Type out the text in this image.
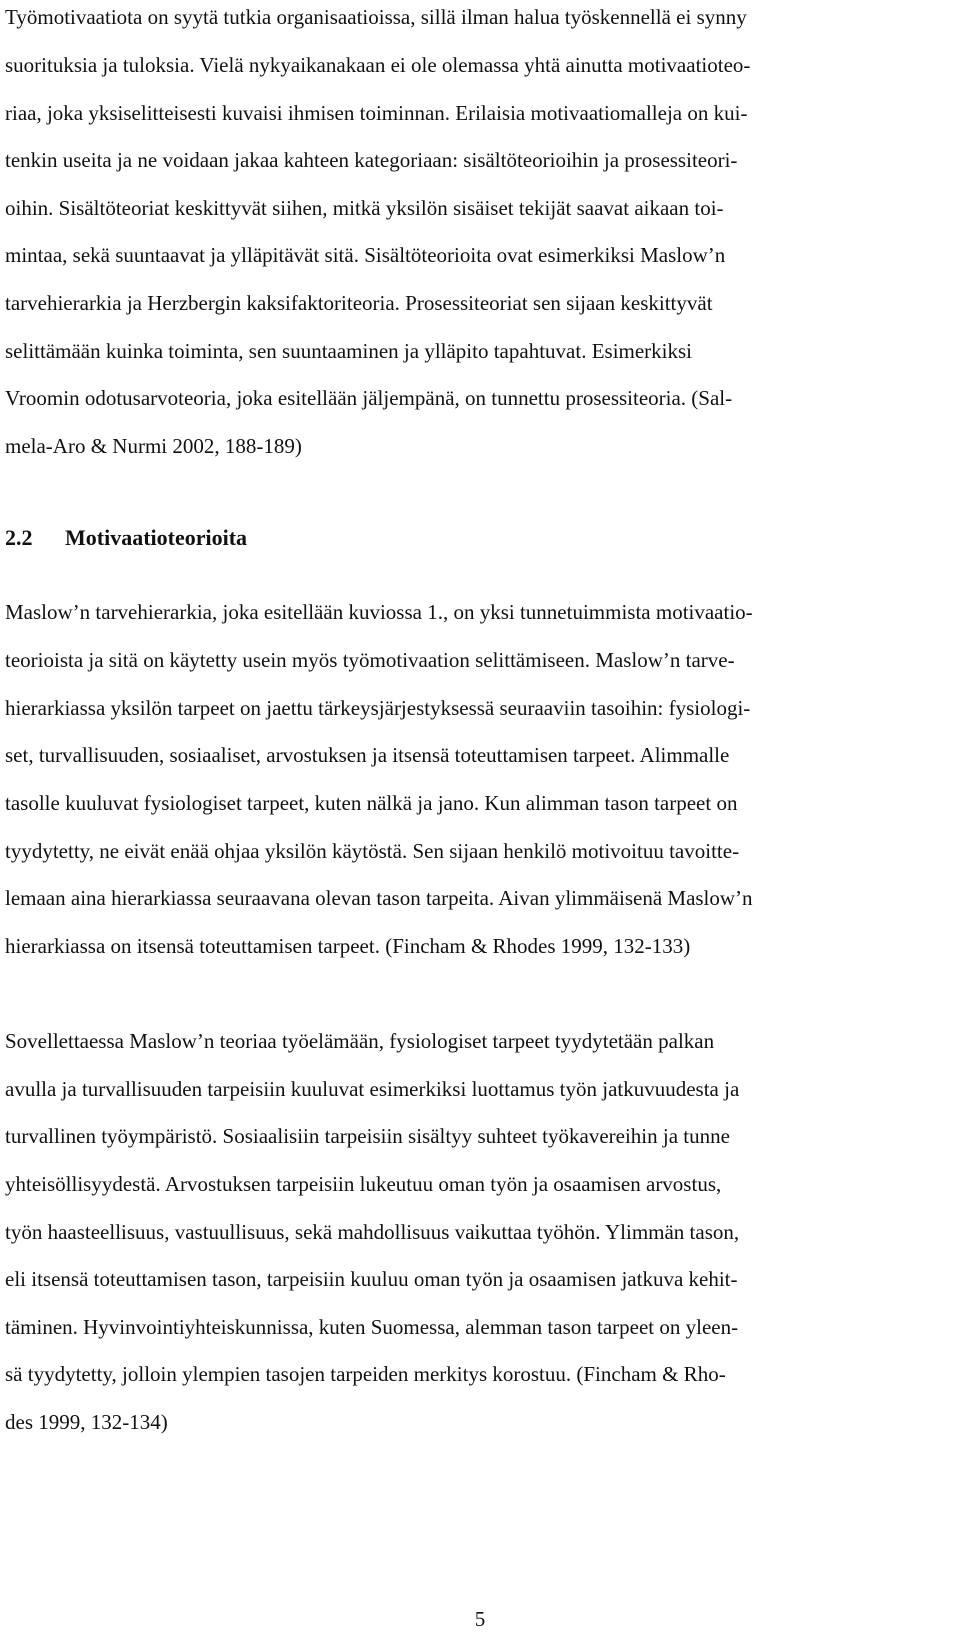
Työmotivaatiota on syytä tutkia organisaatioissa, sillä ilman halua työskennellä ei synny

suorituksia ja tuloksia. Vielä nykyaikanakaan ei ole olemassa yhtä ainutta motivaatioteo-

riaa, joka yksiselitteisesti kuvaisi ihmisen toiminnan. Erilaisia motivaatiomalleja on kui-

tenkin useita ja ne voidaan jakaa kahteen kategoriaan: sisältöteorioihin ja prosessiteori-

oihin. Sisältöteoriat keskittyvät siihen, mitkä yksilön sisäiset tekijät saavat aikaan toi-

mintaa, sekä suuntaavat ja ylläpitävät sitä. Sisältöteorioita ovat esimerkiksi Maslow’n

tarvehierarkia ja Herzbergin kaksifaktoriteoria. Prosessiteoriat sen sijaan keskittyvät

selittämään kuinka toiminta, sen suuntaaminen ja ylläpito tapahtuvat. Esimerkiksi

Vroomin odotusarvoteoria, joka esitellään jäljempänä, on tunnettu prosessiteoria. (Sal-

mela-Aro & Nurmi 2002, 188-189)

2.2 Motivaatioteorioita

Maslow’n tarvehierarkia, joka esitellään kuviossa 1., on yksi tunnetuimmista motivaatio-

teorioista ja sitä on käytetty usein myös työmotivaation selittämiseen. Maslow’n tarve-

hierarkiassa yksilön tarpeet on jaettu tärkeysjärjestyksessä seuraaviin tasoihin: fysiologi-

set, turvallisuuden, sosiaaliset, arvostuksen ja itsensä toteuttamisen tarpeet. Alimmalle

tasolle kuuluvat fysiologiset tarpeet, kuten nälkä ja jano. Kun alimman tason tarpeet on

tyydytetty, ne eivät enää ohjaa yksilön käytöstä. Sen sijaan henkilö motivoituu tavoitte-

lemaan aina hierarkiassa seuraavana olevan tason tarpeita. Aivan ylimmäisenä Maslow’n

hierarkiassa on itsensä toteuttamisen tarpeet. (Fincham & Rhodes 1999, 132-133)

Sovellettaessa Maslow’n teoriaa työelämään, fysiologiset tarpeet tyydytetään palkan

avulla ja turvallisuuden tarpeisiin kuuluvat esimerkiksi luottamus työn jatkuvuudesta ja

turvallinen työympäristö. Sosiaalisiin tarpeisiin sisältyy suhteet työkavereihin ja tunne

yhteisöllisyydestä. Arvostuksen tarpeisiin lukeutuu oman työn ja osaamisen arvostus,

työn haasteellisuus, vastuullisuus, sekä mahdollisuus vaikuttaa työhön. Ylimmän tason,

eli itsensä toteuttamisen tason, tarpeisiin kuuluu oman työn ja osaamisen jatkuva kehit-

täminen. Hyvinvointiyhteiskunnissa, kuten Suomessa, alemman tason tarpeet on yleen-

sä tyydytetty, jolloin ylempien tasojen tarpeiden merkitys korostuu. (Fincham & Rho-

des 1999, 132-134)

5
